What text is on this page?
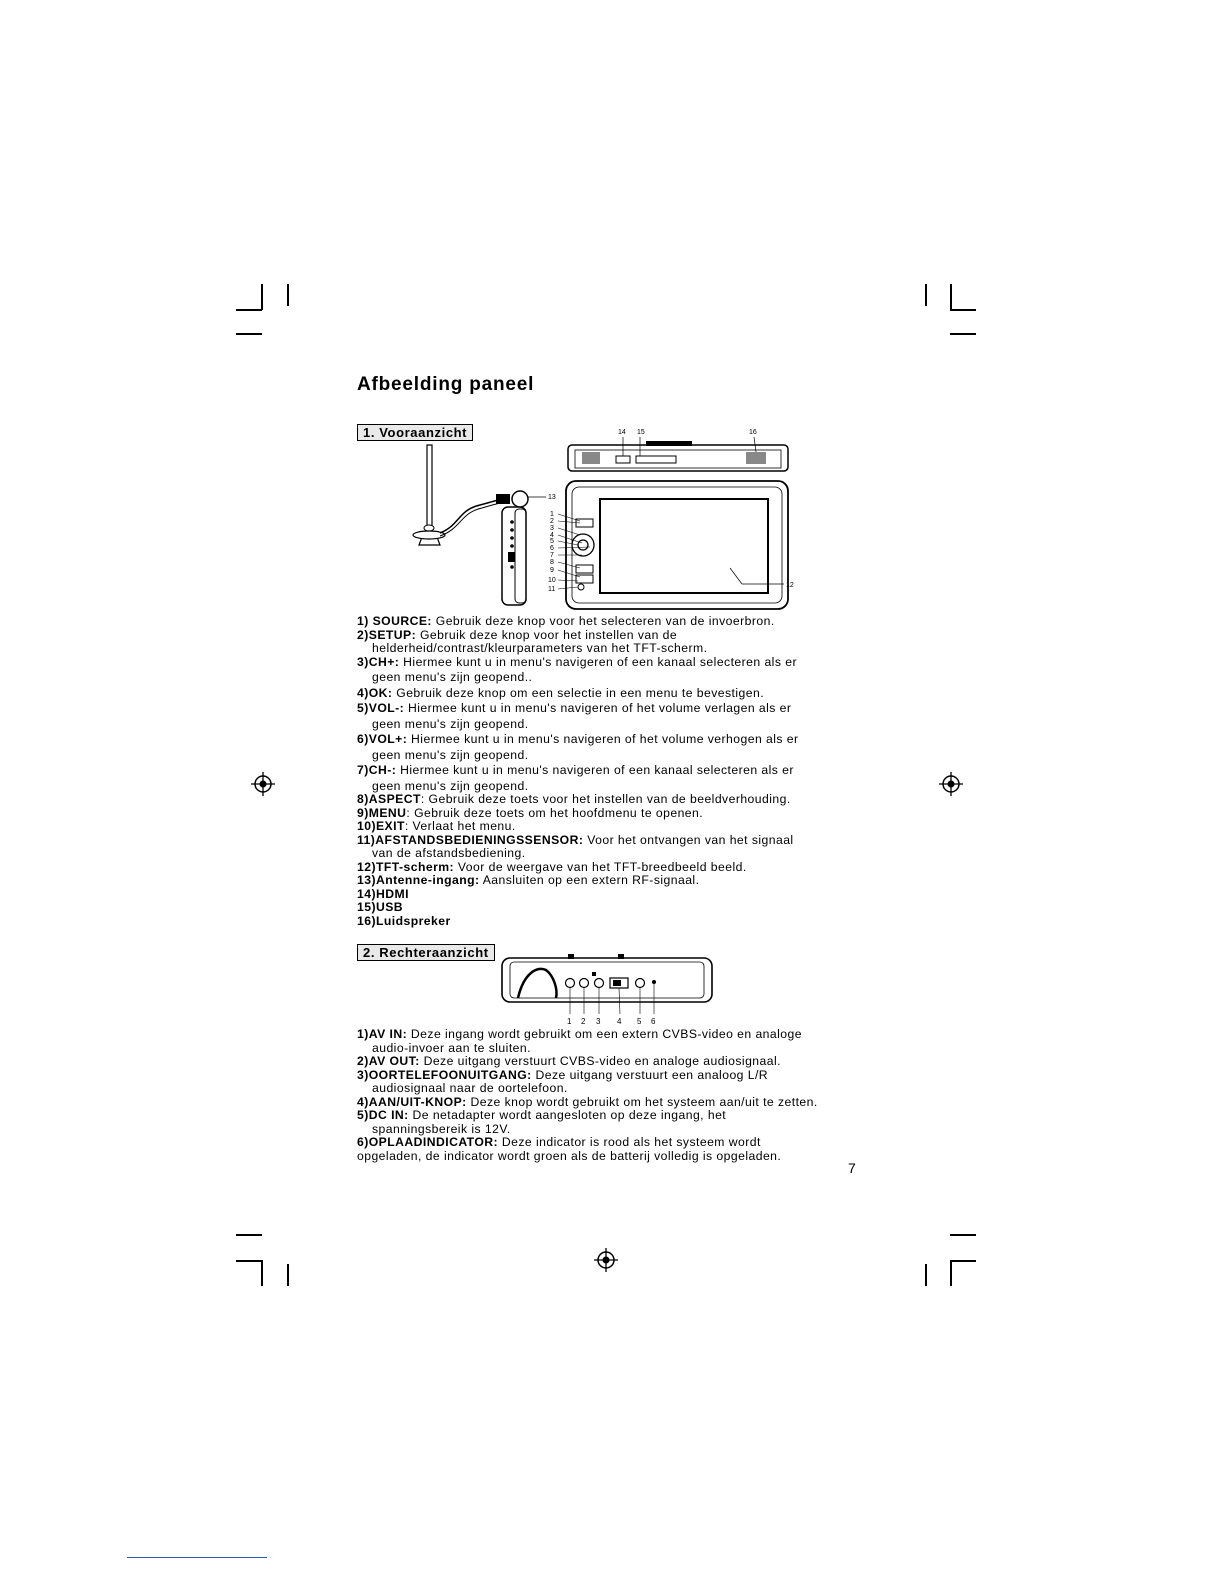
Afbeelding paneel
1. Vooraanzicht
1
2
3
4
5
6
7
8
9
10
11
12
13
14 15	16
1) SOURCE: Gebruik deze knop voor het selecteren van de invoerbron.
2)SETUP: Gebruik deze knop voor het instellen van de
helderheid/contrast/kleurparameters van het TFT-scherm.
3)CH+: Hiermee kunt u in menu's navigeren of een kanaal selecteren als er
geen menu's zijn geopend..
4)OK: Gebruik deze knop om een selectie in een menu te bevestigen.
5)VOL-: Hiermee kunt u in menu's navigeren of het volume verlagen als er
geen menu's zijn geopend.
6)VOL+: Hiermee kunt u in menu's navigeren of het volume verhogen als er
geen menu's zijn geopend.
7)CH-: Hiermee kunt u in menu's navigeren of een kanaal selecteren als er
geen menu's zijn geopend.
8)ASPECT: Gebruik deze toets voor het instellen van de beeldverhouding.
9)MENU: Gebruik deze toets om het hoofdmenu te openen.
10)EXIT: Verlaat het menu.
11)AFSTANDSBEDIENINGSSENSOR: Voor het ontvangen van het signaal
van de afstandsbediening.
12)TFT-scherm: Voor de weergave van het TFT-breedbeeld beeld.
13)Antenne-ingang: Aansluiten op een extern RF-signaal.
14)HDMI
15)USB
16)Luidspreker
2. Rechteraanzicht
1 2 3 4 5 6
1)AV IN: Deze ingang wordt gebruikt om een extern CVBS-video en analoge
audio-invoer aan te sluiten.
2)AV OUT: Deze uitgang verstuurt CVBS-video en analoge audiosignaal.
3)OORTELEFOONUITGANG: Deze uitgang verstuurt een analoog L/R
audiosignaal naar de oortelefoon.
4)AAN/UIT-KNOP: Deze knop wordt gebruikt om het systeem aan/uit te zetten.
5)DC IN: De netadapter wordt aangesloten op deze ingang, het
spanningsbereik is 12V.
6)OPLAADINDICATOR: Deze indicator is rood als het systeem wordt
opgeladen, de indicator wordt groen als de batterij volledig is opgeladen.
7
